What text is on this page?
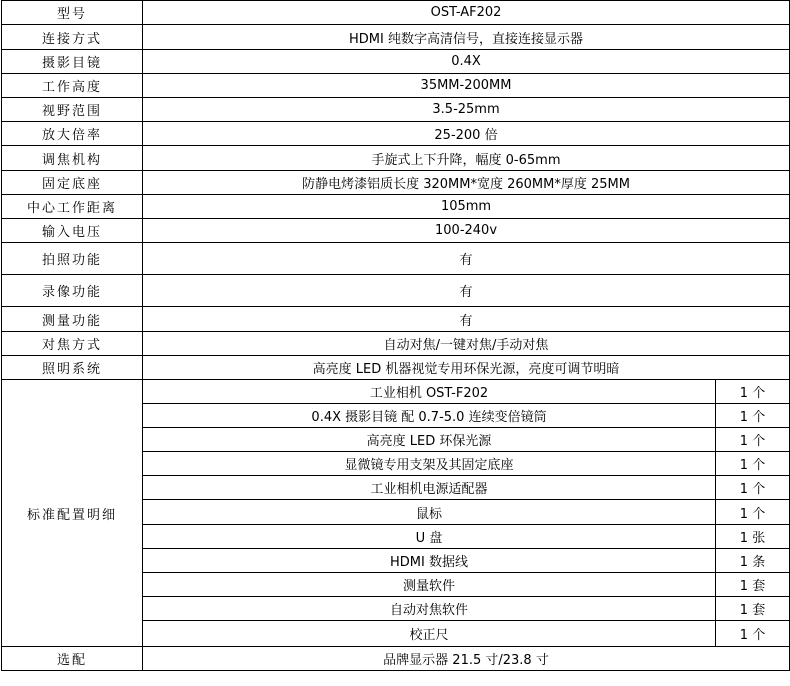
型号	OST-AF202	
连接方式	HDMI 纯数字高清信号，直接连接显示器	
摄影目镜	0.4X	
工作高度	35MM-200MM	
视野范围	3.5-25mm	
放大倍率	25-200 倍	
调焦机构	手旋式上下升降，幅度 0-65mm	
固定底座	防静电烤漆铝质长度 320MM*宽度 260MM*厚度 25MM	
中心工作距离	105mm	
输入电压	100-240v	
拍照功能	有	
录像功能	有	
测量功能	有	
对焦方式	自动对焦/一键对焦/手动对焦	
照明系统	高亮度 LED 机器视觉专用环保光源，亮度可调节明暗	
标准配置明细	工业相机 OST-F202	1 个
	0.4X 摄影目镜 配 0.7-5.0 连续变倍镜筒	1 个
	高亮度 LED 环保光源	1 个
	显微镜专用支架及其固定底座	1 个
	工业相机电源适配器	1 个
	鼠标	1 个
	U 盘	1 张
	HDMI 数据线	1 条
	测量软件	1 套
	自动对焦软件	1 套
	校正尺	1 个
选配	品牌显示器 21.5 寸/23.8 寸	
